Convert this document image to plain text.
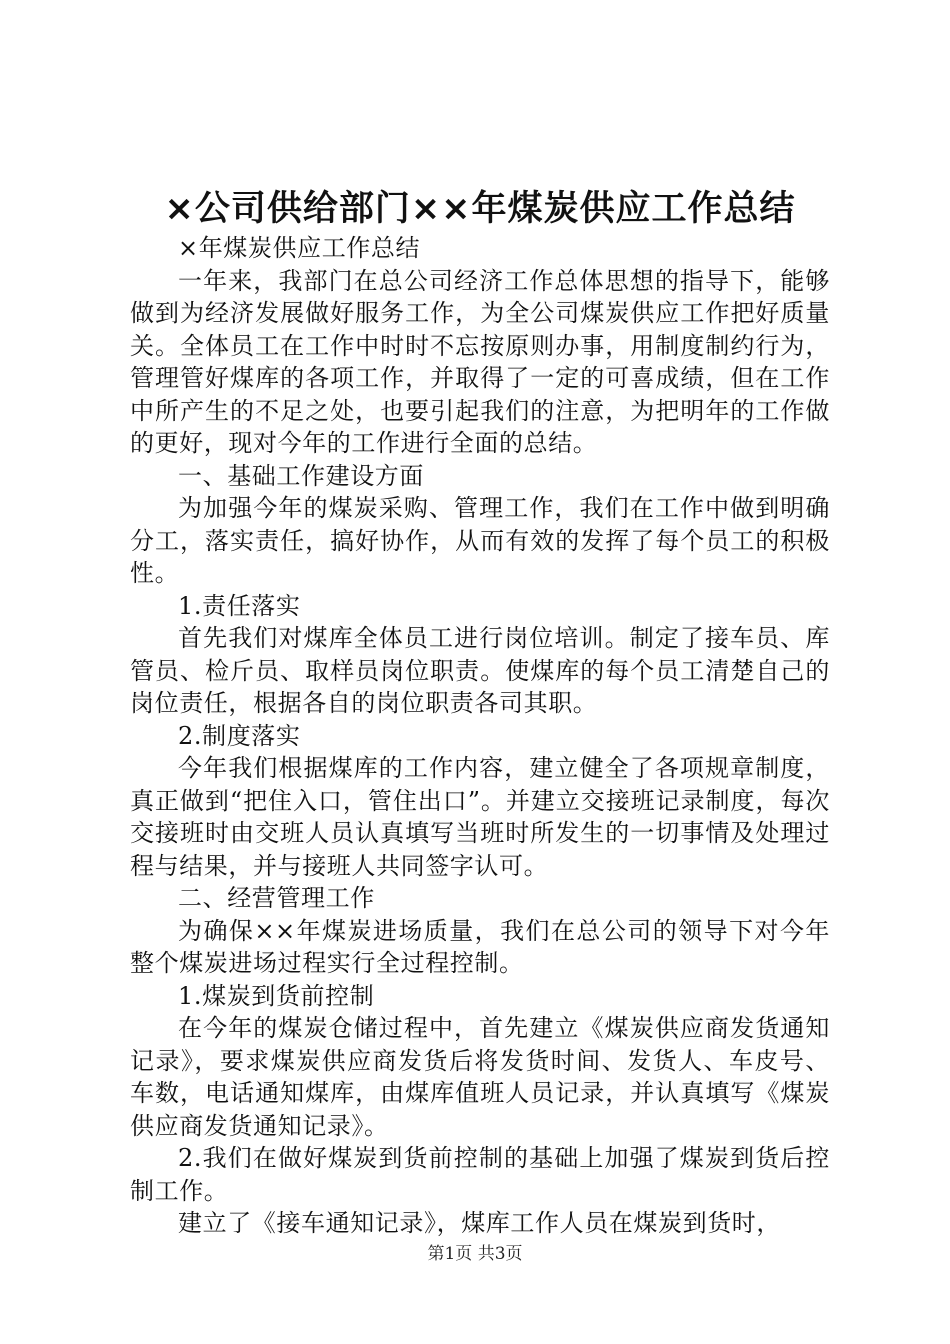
×公司供给部门××年煤炭供应工作总结
×年煤炭供应工作总结

一年来，我部门在总公司经济工作总体思想的指导下，能够做到为经济发展做好服务工作，为全公司煤炭供应工作把好质量关。全体员工在工作中时时不忘按原则办事，用制度制约行为，管理管好煤库的各项工作，并取得了一定的可喜成绩，但在工作中所产生的不足之处，也要引起我们的注意，为把明年的工作做的更好，现对今年的工作进行全面的总结。

一、基础工作建设方面

为加强今年的煤炭采购、管理工作，我们在工作中做到明确分工，落实责任，搞好协作，从而有效的发挥了每个员工的积极性。

1.责任落实

首先我们对煤库全体员工进行岗位培训。制定了接车员、库管员、检斤员、取样员岗位职责。使煤库的每个员工清楚自己的岗位责任，根据各自的岗位职责各司其职。

2.制度落实

今年我们根据煤库的工作内容，建立健全了各项规章制度，真正做到“把住入口，管住出口”。并建立交接班记录制度，每次交接班时由交班人员认真填写当班时所发生的一切事情及处理过程与结果，并与接班人共同签字认可。

二、经营管理工作

为确保××年煤炭进场质量，我们在总公司的领导下对今年整个煤炭进场过程实行全过程控制。

1.煤炭到货前控制

在今年的煤炭仓储过程中，首先建立《煤炭供应商发货通知记录》，要求煤炭供应商发货后将发货时间、发货人、车皮号、车数，电话通知煤库，由煤库值班人员记录，并认真填写《煤炭供应商发货通知记录》。

2.我们在做好煤炭到货前控制的基础上加强了煤炭到货后控制工作。

建立了《接车通知记录》，煤库工作人员在煤炭到货时，

第1页 共3页
